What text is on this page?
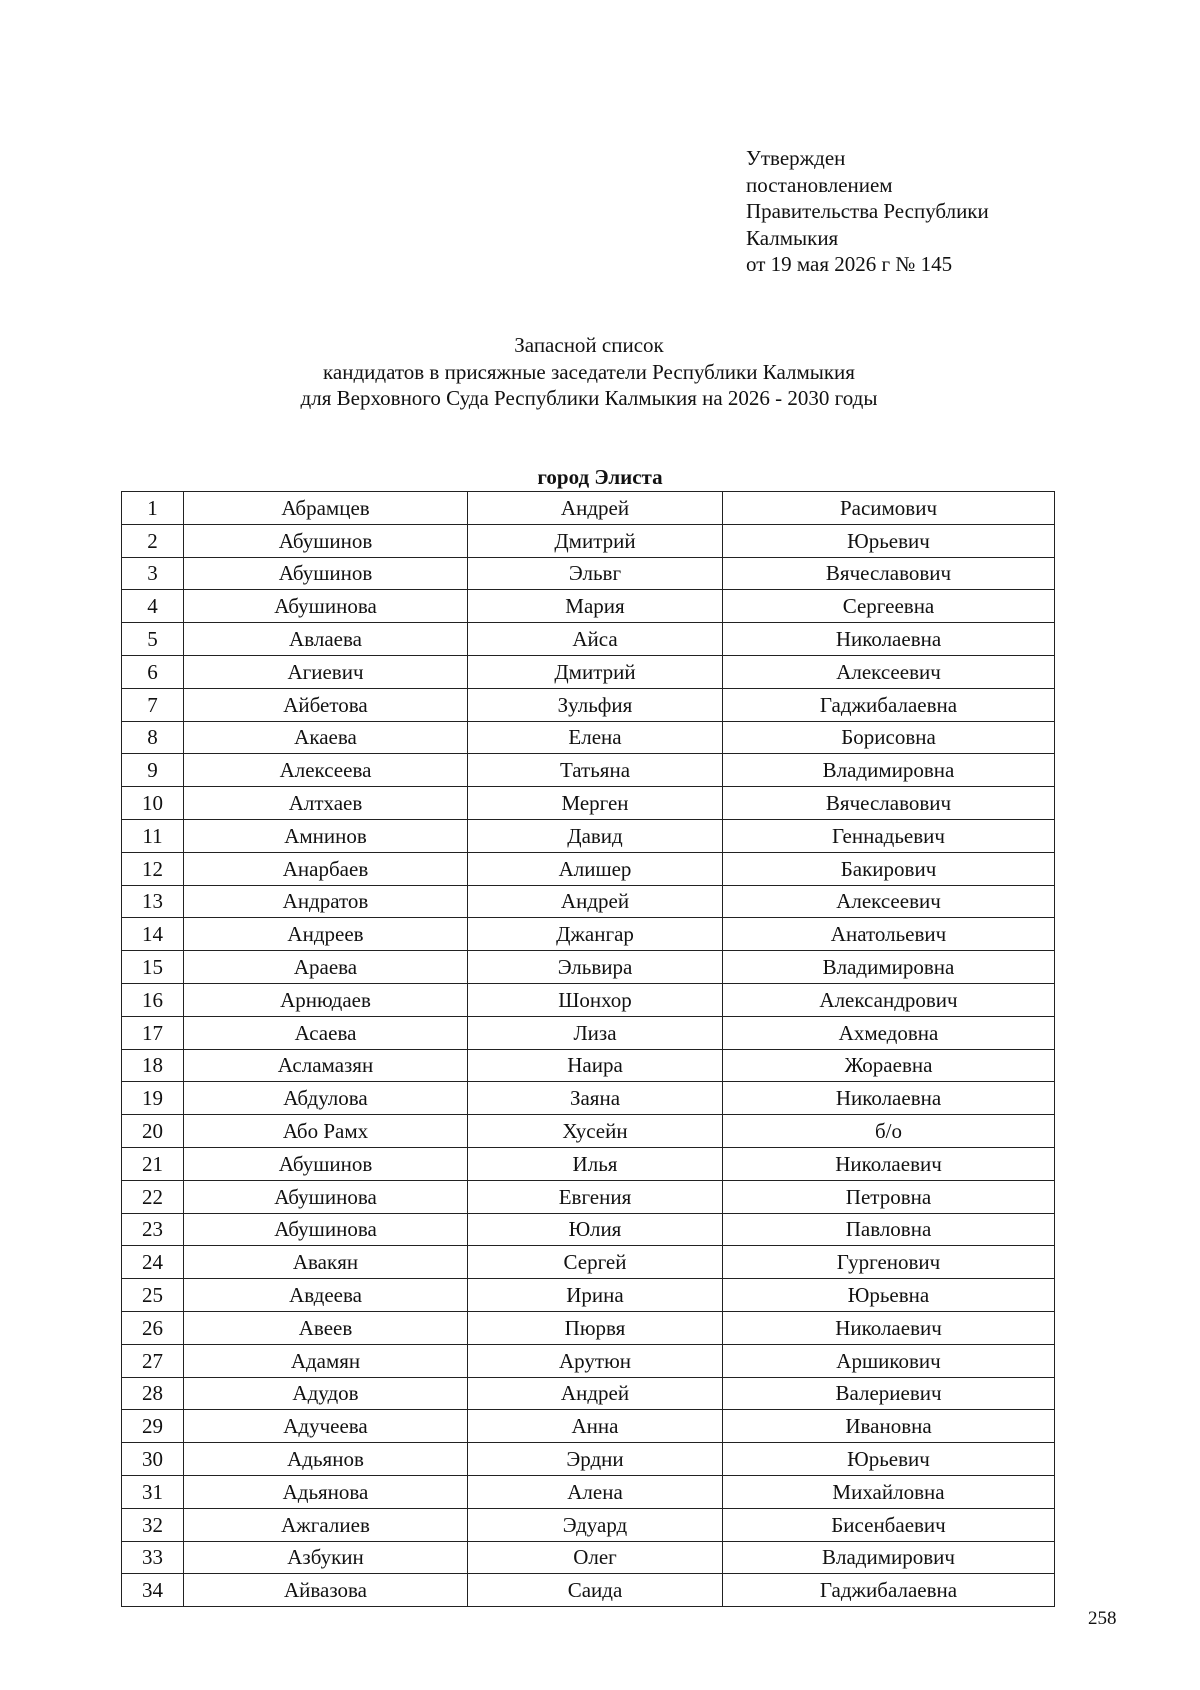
Утвержден
постановлением
Правительства Республики
Калмыкия
от 19 мая 2026 г № 145
Запасной список
кандидатов в присяжные заседатели Республики Калмыкия
для Верховного Суда Республики Калмыкия на 2026 - 2030 годы
город Элиста
1	Абрамцев	Андрей	Расимович
2	Абушинов	Дмитрий	Юрьевич
3	Абушинов	Эльвг	Вячеславович
4	Абушинова	Мария	Сергеевна
5	Авлаева	Айса	Николаевна
6	Агиевич	Дмитрий	Алексеевич
7	Айбетова	Зульфия	Гаджибалаевна
8	Акаева	Елена	Борисовна
9	Алексеева	Татьяна	Владимировна
10	Алтхаев	Мерген	Вячеславович
11	Амнинов	Давид	Геннадьевич
12	Анарбаев	Алишер	Бакирович
13	Андратов	Андрей	Алексеевич
14	Андреев	Джангар	Анатольевич
15	Араева	Эльвира	Владимировна
16	Арнюдаев	Шонхор	Александрович
17	Асаева	Лиза	Ахмедовна
18	Асламазян	Наира	Жораевна
19	Абдулова	Заяна	Николаевна
20	Або Рамх	Хусейн	б/о
21	Абушинов	Илья	Николаевич
22	Абушинова	Евгения	Петровна
23	Абушинова	Юлия	Павловна
24	Авакян	Сергей	Гургенович
25	Авдеева	Ирина	Юрьевна
26	Авеев	Пюрвя	Николаевич
27	Адамян	Арутюн	Аршикович
28	Адудов	Андрей	Валериевич
29	Адучеева	Анна	Ивановна
30	Адьянов	Эрдни	Юрьевич
31	Адьянова	Алена	Михайловна
32	Ажгалиев	Эдуард	Бисенбаевич
33	Азбукин	Олег	Владимирович
34	Айвазова	Саида	Гаджибалаевна
258
